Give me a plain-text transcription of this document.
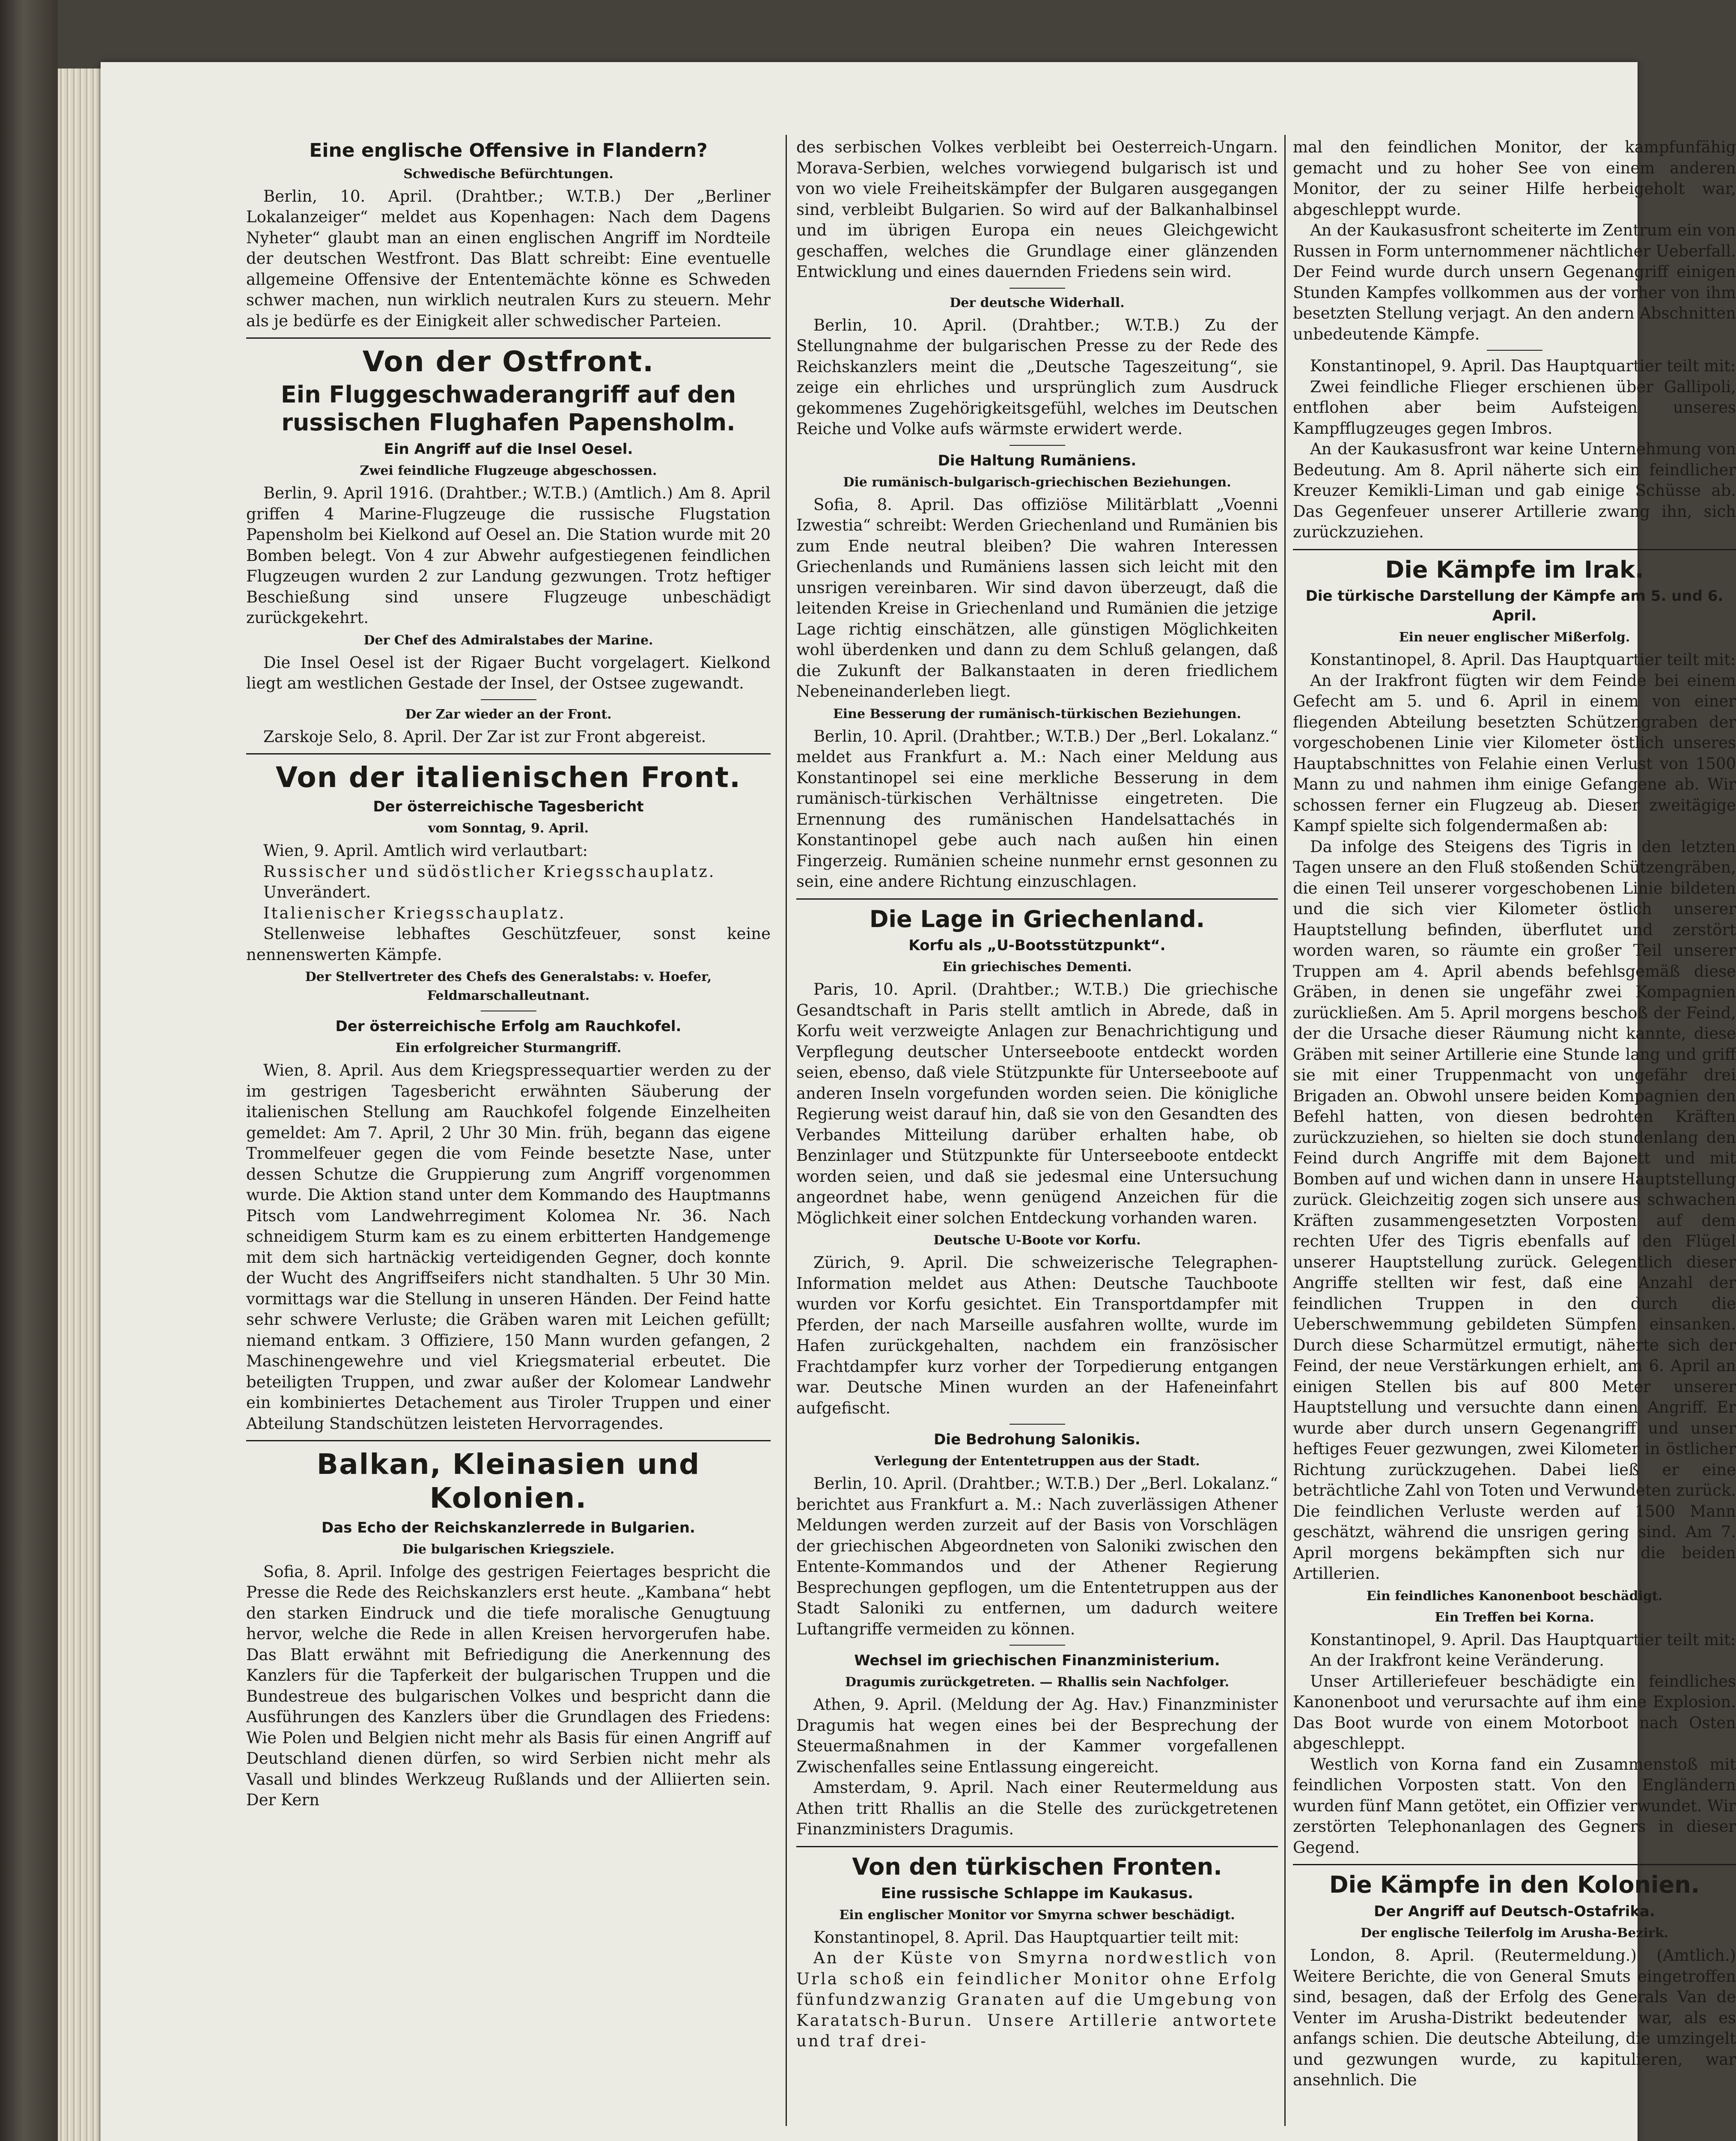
Eine englische Offensive in Flandern?
Schwedische Befürchtungen.

Berlin, 10. April. (Drahtber.; W.T.B.) Der „Berliner Lokalanzeiger“ meldet aus Kopenhagen: Nach dem Dagens Nyheter“ glaubt man an einen englischen Angriff im Nordteile der deutschen Westfront. Das Blatt schreibt: Eine eventuelle allgemeine Offensive der Ententemächte könne es Schweden schwer machen, nun wirklich neutralen Kurs zu steuern. Mehr als je bedürfe es der Einigkeit aller schwedischer Parteien.

Von der Ostfront.
Ein Fluggeschwaderangriff auf den russischen Flughafen Papensholm.
Ein Angriff auf die Insel Oesel.
Zwei feindliche Flugzeuge abgeschossen.

Berlin, 9. April 1916. (Drahtber.; W.T.B.) (Amtlich.) Am 8. April griffen 4 Marine-Flugzeuge die russische Flugstation Papensholm bei Kielkond auf Oesel an. Die Station wurde mit 20 Bomben belegt. Von 4 zur Abwehr aufgestiegenen feindlichen Flugzeugen wurden 2 zur Landung gezwungen. Trotz heftiger Beschießung sind unsere Flugzeuge unbeschädigt zurückgekehrt.

Der Chef des Admiralstabes der Marine.

Die Insel Oesel ist der Rigaer Bucht vorgelagert. Kielkond liegt am westlichen Gestade der Insel, der Ostsee zugewandt.

Der Zar wieder an der Front.

Zarskoje Selo, 8. April. Der Zar ist zur Front abgereist.

Von der italienischen Front.
Der österreichische Tagesbericht
vom Sonntag, 9. April.

Wien, 9. April. Amtlich wird verlautbart:

Russischer und südöstlicher Kriegsschauplatz.

Unverändert.

Italienischer Kriegsschauplatz.

Stellenweise lebhaftes Geschützfeuer, sonst keine nennenswerten Kämpfe.

Der Stellvertreter des Chefs des Generalstabs: v. Hoefer, Feldmarschalleutnant.
Der österreichische Erfolg am Rauchkofel.
Ein erfolgreicher Sturmangriff.

Wien, 8. April. Aus dem Kriegspressequartier werden zu der im gestrigen Tagesbericht erwähnten Säuberung der italienischen Stellung am Rauchkofel folgende Einzelheiten gemeldet: Am 7. April, 2 Uhr 30 Min. früh, begann das eigene Trommelfeuer gegen die vom Feinde besetzte Nase, unter dessen Schutze die Gruppierung zum Angriff vorgenommen wurde. Die Aktion stand unter dem Kommando des Hauptmanns Pitsch vom Landwehrregiment Kolomea Nr. 36. Nach schneidigem Sturm kam es zu einem erbitterten Handgemenge mit dem sich hartnäckig verteidigenden Gegner, doch konnte der Wucht des Angriffseifers nicht standhalten. 5 Uhr 30 Min. vormittags war die Stellung in unseren Händen. Der Feind hatte sehr schwere Verluste; die Gräben waren mit Leichen gefüllt; niemand entkam. 3 Offiziere, 150 Mann wurden gefangen, 2 Maschinengewehre und viel Kriegsmaterial erbeutet. Die beteiligten Truppen, und zwar außer der Kolomear Landwehr ein kombiniertes Detachement aus Tiroler Truppen und einer Abteilung Standschützen leisteten Hervorragendes.

Balkan, Kleinasien und Kolonien.
Das Echo der Reichskanzlerrede in Bulgarien.
Die bulgarischen Kriegsziele.

Sofia, 8. April. Infolge des gestrigen Feiertages bespricht die Presse die Rede des Reichskanzlers erst heute. „Kambana“ hebt den starken Eindruck und die tiefe moralische Genugtuung hervor, welche die Rede in allen Kreisen hervorgerufen habe. Das Blatt erwähnt mit Befriedigung die Anerkennung des Kanzlers für die Tapferkeit der bulgarischen Truppen und die Bundestreue des bulgarischen Volkes und bespricht dann die Ausführungen des Kanzlers über die Grundlagen des Friedens: Wie Polen und Belgien nicht mehr als Basis für einen Angriff auf Deutschland dienen dürfen, so wird Serbien nicht mehr als Vasall und blindes Werkzeug Rußlands und der Alliierten sein. Der Kern

des serbischen Volkes verbleibt bei Oesterreich-Ungarn. Morava-Serbien, welches vorwiegend bulgarisch ist und von wo viele Freiheitskämpfer der Bulgaren ausgegangen sind, verbleibt Bulgarien. So wird auf der Balkanhalbinsel und im übrigen Europa ein neues Gleichgewicht geschaffen, welches die Grundlage einer glänzenden Entwicklung und eines dauernden Friedens sein wird.

Der deutsche Widerhall.

Berlin, 10. April. (Drahtber.; W.T.B.) Zu der Stellungnahme der bulgarischen Presse zu der Rede des Reichskanzlers meint die „Deutsche Tageszeitung“, sie zeige ein ehrliches und ursprünglich zum Ausdruck gekommenes Zugehörigkeitsgefühl, welches im Deutschen Reiche und Volke aufs wärmste erwidert werde.

Die Haltung Rumäniens.
Die rumänisch-bulgarisch-griechischen Beziehungen.

Sofia, 8. April. Das offiziöse Militärblatt „Voenni Izwestia“ schreibt: Werden Griechenland und Rumänien bis zum Ende neutral bleiben? Die wahren Interessen Griechenlands und Rumäniens lassen sich leicht mit den unsrigen vereinbaren. Wir sind davon überzeugt, daß die leitenden Kreise in Griechenland und Rumänien die jetzige Lage richtig einschätzen, alle günstigen Möglichkeiten wohl überdenken und dann zu dem Schluß gelangen, daß die Zukunft der Balkanstaaten in deren friedlichem Nebeneinanderleben liegt.

Eine Besserung der rumänisch-türkischen Beziehungen.

Berlin, 10. April. (Drahtber.; W.T.B.) Der „Berl. Lokalanz.“ meldet aus Frankfurt a. M.: Nach einer Meldung aus Konstantinopel sei eine merkliche Besserung in dem rumänisch-türkischen Verhältnisse eingetreten. Die Ernennung des rumänischen Handelsattachés in Konstantinopel gebe auch nach außen hin einen Fingerzeig. Rumänien scheine nunmehr ernst gesonnen zu sein, eine andere Richtung einzuschlagen.

Die Lage in Griechenland.
Korfu als „U-Bootsstützpunkt“.
Ein griechisches Dementi.

Paris, 10. April. (Drahtber.; W.T.B.) Die griechische Gesandtschaft in Paris stellt amtlich in Abrede, daß in Korfu weit verzweigte Anlagen zur Benachrichtigung und Verpflegung deutscher Unterseeboote entdeckt worden seien, ebenso, daß viele Stützpunkte für Unterseeboote auf anderen Inseln vorgefunden worden seien. Die königliche Regierung weist darauf hin, daß sie von den Gesandten des Verbandes Mitteilung darüber erhalten habe, ob Benzinlager und Stützpunkte für Unterseeboote entdeckt worden seien, und daß sie jedesmal eine Untersuchung angeordnet habe, wenn genügend Anzeichen für die Möglichkeit einer solchen Entdeckung vorhanden waren.

Deutsche U-Boote vor Korfu.

Zürich, 9. April. Die schweizerische Telegraphen-Information meldet aus Athen: Deutsche Tauchboote wurden vor Korfu gesichtet. Ein Transportdampfer mit Pferden, der nach Marseille ausfahren wollte, wurde im Hafen zurückgehalten, nachdem ein französischer Frachtdampfer kurz vorher der Torpedierung entgangen war. Deutsche Minen wurden an der Hafeneinfahrt aufgefischt.

Die Bedrohung Salonikis.
Verlegung der Ententetruppen aus der Stadt.

Berlin, 10. April. (Drahtber.; W.T.B.) Der „Berl. Lokalanz.“ berichtet aus Frankfurt a. M.: Nach zuverlässigen Athener Meldungen werden zurzeit auf der Basis von Vorschlägen der griechischen Abgeordneten von Saloniki zwischen den Entente-Kommandos und der Athener Regierung Besprechungen gepflogen, um die Ententetruppen aus der Stadt Saloniki zu entfernen, um dadurch weitere Luftangriffe vermeiden zu können.

Wechsel im griechischen Finanzministerium.
Dragumis zurückgetreten. — Rhallis sein Nachfolger.

Athen, 9. April. (Meldung der Ag. Hav.) Finanzminister Dragumis hat wegen eines bei der Besprechung der Steuermaßnahmen in der Kammer vorgefallenen Zwischenfalles seine Entlassung eingereicht.

Amsterdam, 9. April. Nach einer Reutermeldung aus Athen tritt Rhallis an die Stelle des zurückgetretenen Finanzministers Dragumis.

Von den türkischen Fronten.
Eine russische Schlappe im Kaukasus.
Ein englischer Monitor vor Smyrna schwer beschädigt.

Konstantinopel, 8. April. Das Hauptquartier teilt mit:

An der Küste von Smyrna nordwestlich von Urla schoß ein feindlicher Monitor ohne Erfolg fünfundzwanzig Granaten auf die Umgebung von Karatatsch-Burun. Unsere Artillerie antwortete und traf drei-

mal den feindlichen Monitor, der kampfunfähig gemacht und zu hoher See von einem anderen Monitor, der zu seiner Hilfe herbeigeholt war, abgeschleppt wurde.

An der Kaukasusfront scheiterte im Zentrum ein von Russen in Form unternommener nächtlicher Ueberfall. Der Feind wurde durch unsern Gegenangriff einigen Stunden Kampfes vollkommen aus der vorher von ihm besetzten Stellung verjagt. An den andern Abschnitten unbedeutende Kämpfe.

Konstantinopel, 9. April. Das Hauptquartier teilt mit:

Zwei feindliche Flieger erschienen über Gallipoli, entflohen aber beim Aufsteigen unseres Kampfflugzeuges gegen Imbros.

An der Kaukasusfront war keine Unternehmung von Bedeutung. Am 8. April näherte sich ein feindlicher Kreuzer Kemikli-Liman und gab einige Schüsse ab. Das Gegenfeuer unserer Artillerie zwang ihn, sich zurückzuziehen.

Die Kämpfe im Irak.
Die türkische Darstellung der Kämpfe am 5. und 6. April.
Ein neuer englischer Mißerfolg.

Konstantinopel, 8. April. Das Hauptquartier teilt mit:

An der Irakfront fügten wir dem Feinde bei einem Gefecht am 5. und 6. April in einem von einer fliegenden Abteilung besetzten Schützengraben der vorgeschobenen Linie vier Kilometer östlich unseres Hauptabschnittes von Felahie einen Verlust von 1500 Mann zu und nahmen ihm einige Gefangene ab. Wir schossen ferner ein Flugzeug ab. Dieser zweitägige Kampf spielte sich folgendermaßen ab:

Da infolge des Steigens des Tigris in den letzten Tagen unsere an den Fluß stoßenden Schützengräben, die einen Teil unserer vorgeschobenen Linie bildeten und die sich vier Kilometer östlich unserer Hauptstellung befinden, überflutet und zerstört worden waren, so räumte ein großer Teil unserer Truppen am 4. April abends befehlsgemäß diese Gräben, in denen sie ungefähr zwei Kompagnien zurückließen. Am 5. April morgens beschoß der Feind, der die Ursache dieser Räumung nicht kannte, diese Gräben mit seiner Artillerie eine Stunde lang und griff sie mit einer Truppenmacht von ungefähr drei Brigaden an. Obwohl unsere beiden Kompagnien den Befehl hatten, von diesen bedrohten Kräften zurückzuziehen, so hielten sie doch stundenlang den Feind durch Angriffe mit dem Bajonett und mit Bomben auf und wichen dann in unsere Hauptstellung zurück. Gleichzeitig zogen sich unsere aus schwachen Kräften zusammengesetzten Vorposten auf dem rechten Ufer des Tigris ebenfalls auf den Flügel unserer Hauptstellung zurück. Gelegentlich dieser Angriffe stellten wir fest, daß eine Anzahl der feindlichen Truppen in den durch die Ueberschwemmung gebildeten Sümpfen einsanken. Durch diese Scharmützel ermutigt, näherte sich der Feind, der neue Verstärkungen erhielt, am 6. April an einigen Stellen bis auf 800 Meter unserer Hauptstellung und versuchte dann einen Angriff. Er wurde aber durch unsern Gegenangriff und unser heftiges Feuer gezwungen, zwei Kilometer in östlicher Richtung zurückzugehen. Dabei ließ er eine beträchtliche Zahl von Toten und Verwundeten zurück. Die feindlichen Verluste werden auf 1500 Mann geschätzt, während die unsrigen gering sind. Am 7. April morgens bekämpften sich nur die beiden Artillerien.

Ein feindliches Kanonenboot beschädigt.
Ein Treffen bei Korna.

Konstantinopel, 9. April. Das Hauptquartier teilt mit:

An der Irakfront keine Veränderung.

Unser Artilleriefeuer beschädigte ein feindliches Kanonenboot und verursachte auf ihm eine Explosion. Das Boot wurde von einem Motorboot nach Osten abgeschleppt.

Westlich von Korna fand ein Zusammenstoß mit feindlichen Vorposten statt. Von den Engländern wurden fünf Mann getötet, ein Offizier verwundet. Wir zerstörten Telephonanlagen des Gegners in dieser Gegend.

Die Kämpfe in den Kolonien.
Der Angriff auf Deutsch-Ostafrika.
Der englische Teilerfolg im Arusha-Bezirk.

London, 8. April. (Reutermeldung.) (Amtlich.) Weitere Berichte, die von General Smuts eingetroffen sind, besagen, daß der Erfolg des Generals Van de Venter im Arusha-Distrikt bedeutender war, als es anfangs schien. Die deutsche Abteilung, die umzingelt und gezwungen wurde, zu kapitulieren, war ansehnlich. Die
